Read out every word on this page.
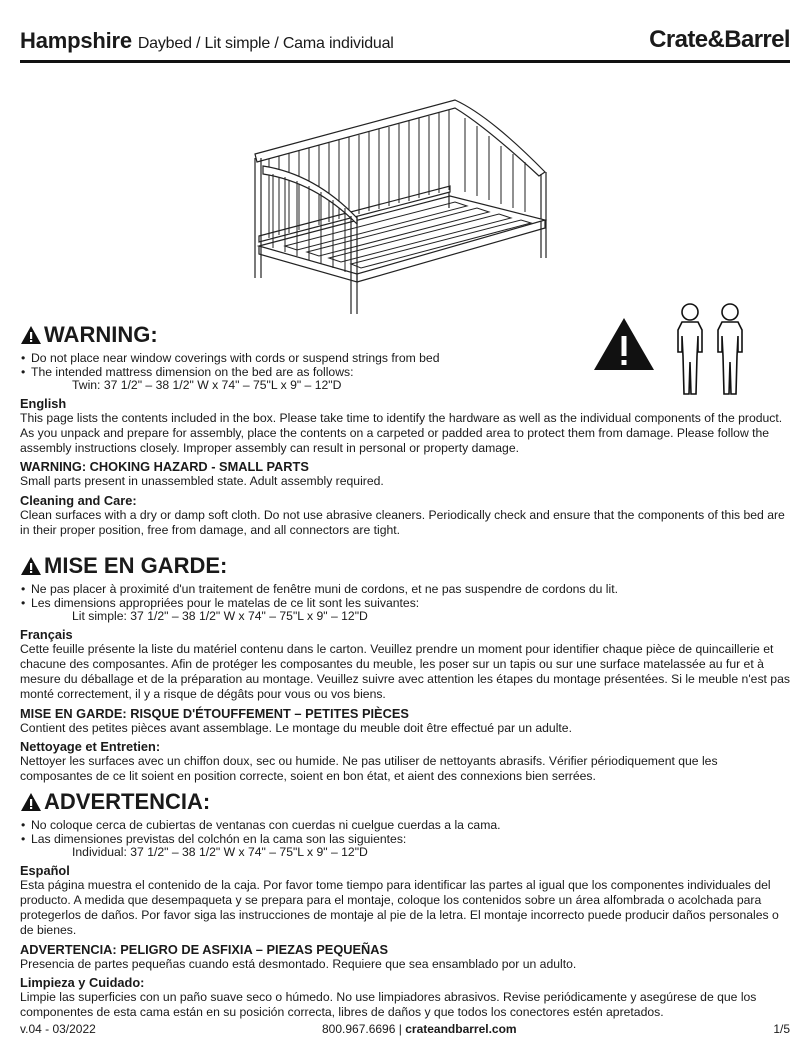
Hampshire Daybed / Lit simple / Cama individual	Crate&Barrel
WARNING:
• Do not place near window coverings with cords or suspend strings from bed
• The intended mattress dimension on the bed are as follows:
Twin: 37 1/2" – 38 1/2" W x 74" – 75"L x 9" – 12"D
English
This page lists the contents included in the box. Please take time to identify the hardware as well as the individual components of the product. As you unpack and prepare for assembly, place the contents on a carpeted or padded area to protect them from damage. Please follow the assembly instructions closely. Improper assembly can result in personal or property damage.
WARNING: CHOKING HAZARD - SMALL PARTS
Small parts present in unassembled state. Adult assembly required.
Cleaning and Care:
Clean surfaces with a dry or damp soft cloth. Do not use abrasive cleaners. Periodically check and ensure that the components of this bed are in their proper position, free from damage, and all connectors are tight.
MISE EN GARDE:
• Ne pas placer à proximité d'un traitement de fenêtre muni de cordons, et ne pas suspendre de cordons du lit.
• Les dimensions appropriées pour le matelas de ce lit sont les suivantes:
Lit simple: 37 1/2" – 38 1/2" W x 74" – 75"L x 9" – 12"D
Français
Cette feuille présente la liste du matériel contenu dans le carton. Veuillez prendre un moment pour identifier chaque pièce de quincaillerie et chacune des composantes. Afin de protéger les composantes du meuble, les poser sur un tapis ou sur une surface matelassée au fur et à mesure du déballage et de la préparation au montage. Veuillez suivre avec attention les étapes du montage présentées. Si le meuble n'est pas monté correctement, il y a risque de dégâts pour vous ou vos biens.
MISE EN GARDE: RISQUE D'ÉTOUFFEMENT – PETITES PIÈCES
Contient des petites pièces avant assemblage. Le montage du meuble doit être effectué par un adulte.
Nettoyage et Entretien:
Nettoyer les surfaces avec un chiffon doux, sec ou humide. Ne pas utiliser de nettoyants abrasifs. Vérifier périodiquement que les composantes de ce lit soient en position correcte, soient en bon état, et aient des connexions bien serrées.
ADVERTENCIA:
• No coloque cerca de cubiertas de ventanas con cuerdas ni cuelgue cuerdas a la cama.
• Las dimensiones previstas del colchón en la cama son las siguientes:
Individual: 37 1/2" – 38 1/2" W x 74" – 75"L x 9" – 12"D
Español
Esta página muestra el contenido de la caja. Por favor tome tiempo para identificar las partes al igual que los componentes individuales del producto. A medida que desempaqueta y se prepara para el montaje, coloque los contenidos sobre un área alfombrada o acolchada para protegerlos de daños. Por favor siga las instrucciones de montaje al pie de la letra. El montaje incorrecto puede producir daños personales o de bienes.
ADVERTENCIA: PELIGRO DE ASFIXIA – PIEZAS PEQUEÑAS
Presencia de partes pequeñas cuando está desmontado. Requiere que sea ensamblado por un adulto.
Limpieza y Cuidado:
Limpie las superficies con un paño suave seco o húmedo. No use limpiadores abrasivos. Revise periódicamente y asegúrese de que los componentes de esta cama están en su posición correcta, libres de daños y que todos los conectores estén apretados.
v.04 - 03/2022	800.967.6696 | crateandbarrel.com	1/5
